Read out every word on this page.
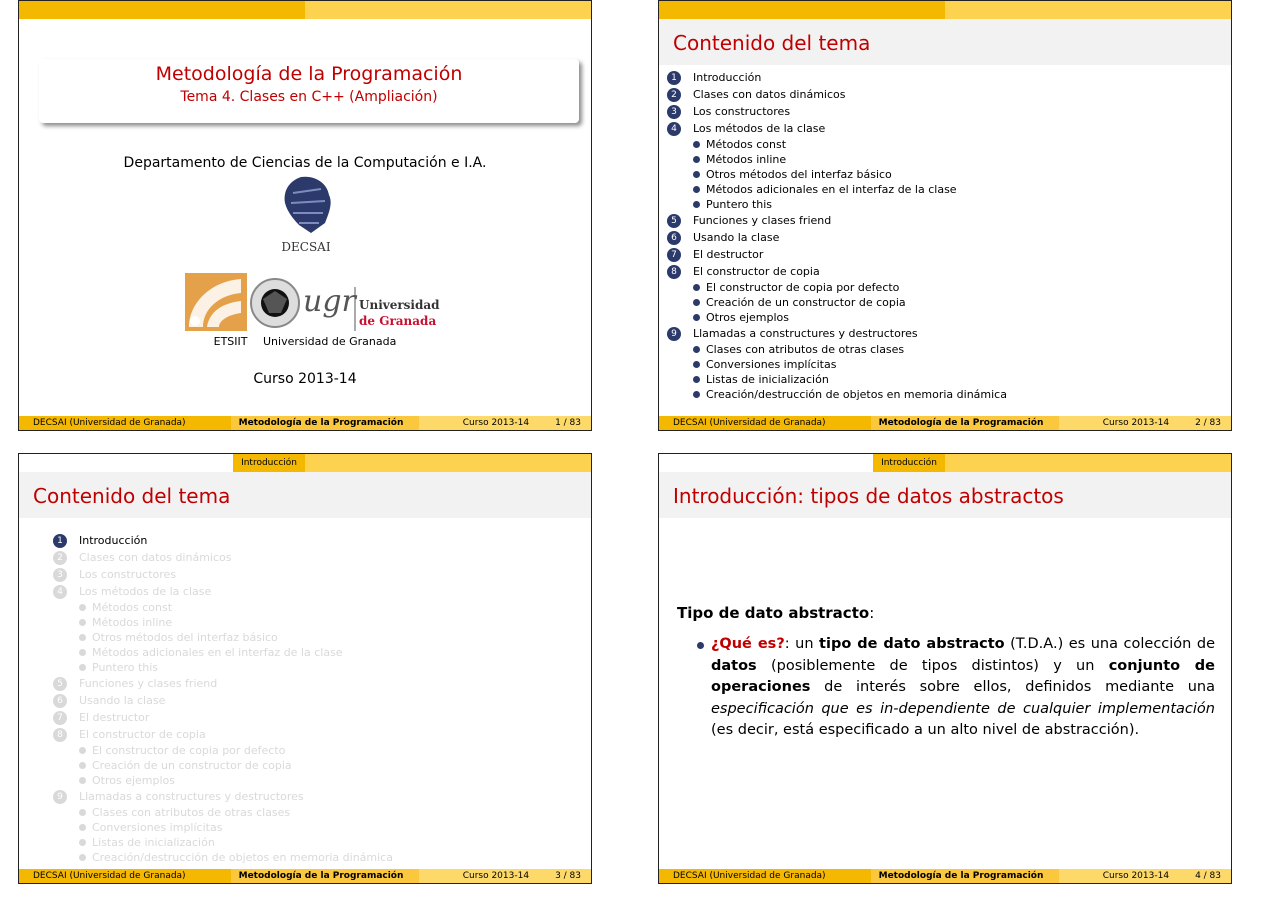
Metodología de la Programación
Tema 4. Clases en C++ (Ampliación)
Departamento de Ciencias de la Computación e I.A.
DECSAI
ugr Universidad
de Granada
ETSIIT Universidad de Granada
Curso 2013-14
DECSAI (Universidad de Granada)	Metodología de la Programación	Curso 2013-14	1 / 83
Contenido del tema
1	Introducción
2	Clases con datos dinámicos
3	Los constructores
4	Los métodos de la clase
Métodos const
Métodos inline
Otros métodos del interfaz básico
Métodos adicionales en el interfaz de la clase
Puntero this
5	Funciones y clases friend
6	Usando la clase
7	El destructor
8	El constructor de copia
El constructor de copia por defecto
Creación de un constructor de copia
Otros ejemplos
9	Llamadas a constructures y destructores
Clases con atributos de otras clases
Conversiones implícitas
Listas de inicialización
Creación/destrucción de objetos en memoria dinámica
DECSAI (Universidad de Granada)	Metodología de la Programación	Curso 2013-14	2 / 83
Introducción
Contenido del tema
1	Introducción
2	Clases con datos dinámicos
3	Los constructores
4	Los métodos de la clase
Métodos const
Métodos inline
Otros métodos del interfaz básico
Métodos adicionales en el interfaz de la clase
Puntero this
5	Funciones y clases friend
6	Usando la clase
7	El destructor
8	El constructor de copia
El constructor de copia por defecto
Creación de un constructor de copia
Otros ejemplos
9	Llamadas a constructures y destructores
Clases con atributos de otras clases
Conversiones implícitas
Listas de inicialización
Creación/destrucción de objetos en memoria dinámica
DECSAI (Universidad de Granada)	Metodología de la Programación	Curso 2013-14	3 / 83
Introducción
Introducción: tipos de datos abstractos
Tipo de dato abstracto:
¿Qué es?: un tipo de dato abstracto (T.D.A.) es una colección de datos (posiblemente de tipos distintos) y un conjunto de operaciones de interés sobre ellos, definidos mediante una especificación que es in-dependiente de cualquier implementación (es decir, está especificado a un alto nivel de abstracción).
DECSAI (Universidad de Granada)	Metodología de la Programación	Curso 2013-14	4 / 83
